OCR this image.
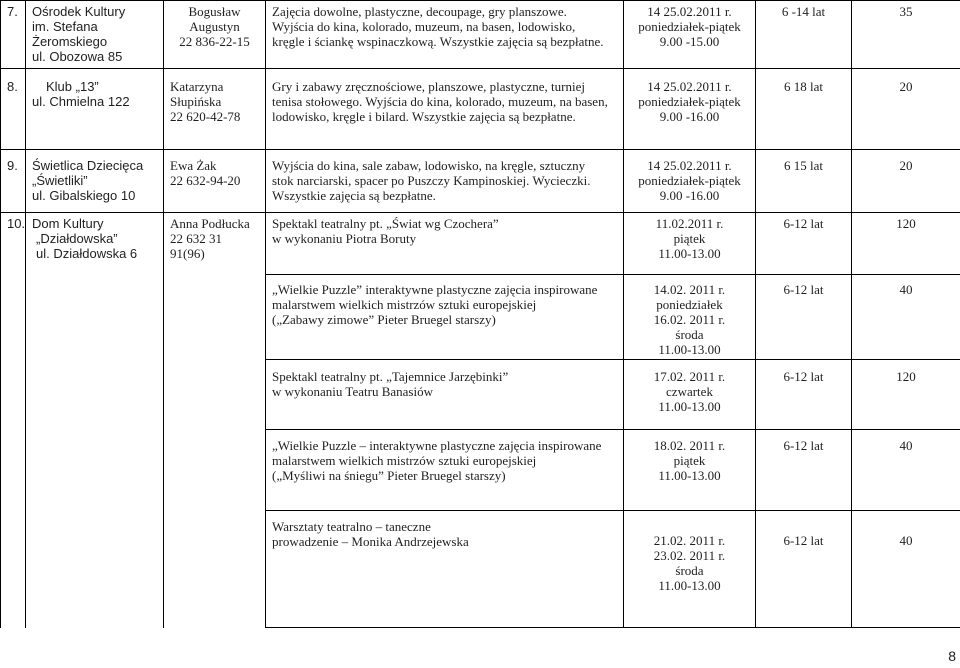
7.	Ośrodek Kultury
im. Stefana
Żeromskiego
ul. Obozowa 85	Bogusław
Augustyn
22 836-22-15	Zajęcia dowolne, plastyczne, decoupage, gry planszowe.
Wyjścia do kina, kolorado, muzeum, na basen, lodowisko,
kręgle i ściankę wspinaczkową. Wszystkie zajęcia są bezpłatne.	14 25.02.2011 r.
poniedziałek-piątek
9.00 -15.00	6 -14 lat	35
8.	Klub „13”
ul. Chmielna 122	Katarzyna
Słupińska
22 620-42-78	Gry i zabawy zręcznościowe, planszowe, plastyczne, turniej
tenisa stołowego. Wyjścia do kina, kolorado, muzeum, na basen,
lodowisko, kręgle i bilard. Wszystkie zajęcia są bezpłatne.	14 25.02.2011 r.
poniedziałek-piątek
9.00 -16.00	6 18 lat	20
9.	Świetlica Dziecięca
„Świetliki”
ul. Gibalskiego 10	Ewa Żak
22 632-94-20	Wyjścia do kina, sale zabaw, lodowisko, na kręgle, sztuczny
stok narciarski, spacer po Puszczy Kampinoskiej. Wycieczki.
Wszystkie zajęcia są bezpłatne.	14 25.02.2011 r.
poniedziałek-piątek
9.00 -16.00	6 15 lat	20
10.	Dom Kultury
„Działdowska”
ul. Działdowska 6	Anna Podłucka
22 632 31 91(96)	Spektakl teatralny pt. „Świat wg Czochera”
w wykonaniu Piotra Boruty	11.02.2011 r.
piątek
11.00-13.00	6-12 lat	120

			„Wielkie Puzzle” interaktywne plastyczne zajęcia inspirowane
malarstwem wielkich mistrzów sztuki europejskiej
(„Zabawy zimowe” Pieter Bruegel starszy)	14.02. 2011 r.
poniedziałek
16.02. 2011 r.
środa
11.00-13.00	6-12 lat	40

			Spektakl teatralny pt. „Tajemnice Jarzębinki”
w wykonaniu Teatru Banasiów	17.02. 2011 r.
czwartek
11.00-13.00	6-12 lat	120

			„Wielkie Puzzle – interaktywne plastyczne zajęcia inspirowane
malarstwem wielkich mistrzów sztuki europejskiej
(„Myśliwi na śniegu” Pieter Bruegel starszy)	18.02. 2011 r.
piątek
11.00-13.00	6-12 lat	40

			Warsztaty teatralno – taneczne
prowadzenie – Monika Andrzejewska	21.02. 2011 r.
23.02. 2011 r.
środa
11.00-13.00	6-12 lat	40
8
